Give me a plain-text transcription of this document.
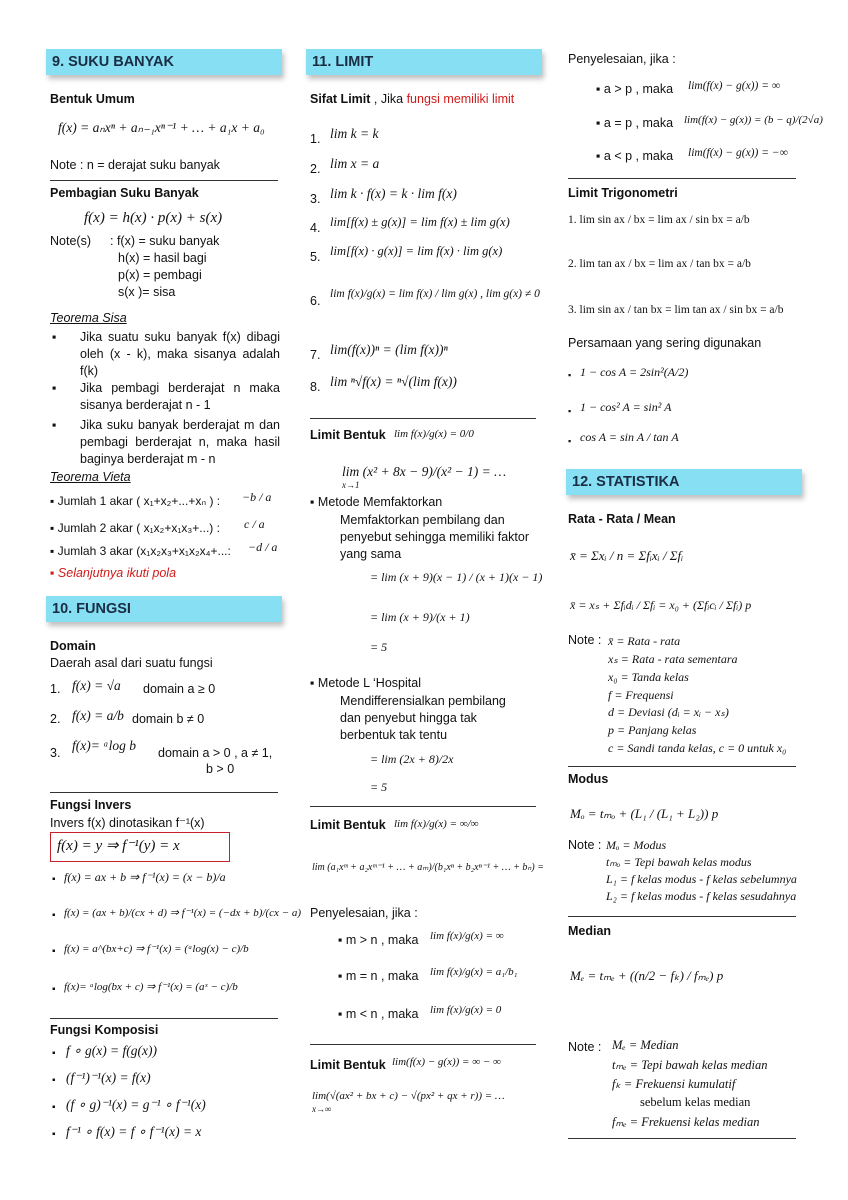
9. SUKU BANYAK
Bentuk Umum
f(x) = aₙxⁿ + aₙ₋₁xⁿ⁻¹ + … + a₁x + a₀
Note : n = derajat suku banyak
Pembagian Suku Banyak
f(x) = h(x) · p(x) + s(x)
Note(s) : f(x) = suku banyak
h(x) = hasil bagi
p(x) = pembagi
s(x )= sisa
Teorema Sisa
▪ Jika suatu suku banyak f(x) dibagi oleh (x - k), maka sisanya adalah f(k)
▪ Jika pembagi berderajat n maka sisanya berderajat n - 1
▪ Jika suku banyak berderajat m dan pembagi berderajat n, maka hasil baginya berderajat m - n
Teorema Vieta
▪ Jumlah 1 akar ( x₁+x₂+...+xₙ ) : −b / a
▪ Jumlah 2 akar ( x₁x₂+x₁x₃+...) : c / a
▪ Jumlah 3 akar (x₁x₂x₃+x₁x₂x₄+...: −d / a
▪ Selanjutnya ikuti pola
10. FUNGSI
Domain
Daerah asal dari suatu fungsi
1. f(x) = √a domain a ≥ 0
2. f(x) = a/b domain b ≠ 0
3. f(x)= ᵃlog b domain a > 0 , a ≠ 1,
b > 0
Fungsi Invers
Invers f(x) dinotasikan f⁻¹(x)
f(x) = y ⇒ f⁻¹(y) = x
▪ f(x) = ax + b ⇒ f⁻¹(x) = (x − b)/a
▪ f(x) = (ax + b)/(cx + d) ⇒ f⁻¹(x) = (−dx + b)/(cx − a)
▪ f(x) = a^(bx+c) ⇒ f⁻¹(x) = (ᵃlog(x) − c)/b
▪ f(x)= ᵃlog(bx + c) ⇒ f⁻¹(x) = (aˣ − c)/b
Fungsi Komposisi
▪ f ∘ g(x) = f(g(x))
▪ (f⁻¹)⁻¹(x) = f(x)
▪ (f ∘ g)⁻¹(x) = g⁻¹ ∘ f⁻¹(x)
▪ f⁻¹ ∘ f(x) = f ∘ f⁻¹(x) = x
11. LIMIT
Sifat Limit , Jika fungsi memiliki limit
1. lim k = k
2. lim x = a
3. lim k · f(x) = k · lim f(x)
4. lim[f(x) ± g(x)] = lim f(x) ± lim g(x)
5. lim[f(x) · g(x)] = lim f(x) · lim g(x)
6. lim f(x)/g(x) = lim f(x) / lim g(x) , lim g(x) ≠ 0
7. lim(f(x))ⁿ = (lim f(x))ⁿ
8. lim ⁿ√f(x) = ⁿ√(lim f(x))
Limit Bentuk lim f(x)/g(x) = 0/0
lim (x² + 8x − 9)/(x² − 1) = …
x→1
▪ Metode Memfaktorkan
Memfaktorkan pembilang dan penyebut sehingga memiliki faktor yang sama
= lim (x + 9)(x − 1) / (x + 1)(x − 1)
= lim (x + 9)/(x + 1)
= 5
▪ Metode L ‘Hospital
Mendifferensialkan pembilang dan penyebut hingga tak berbentuk tak tentu
= lim (2x + 8)/2x
= 5
Limit Bentuk lim f(x)/g(x) = ∞/∞
lim (a₁xᵐ + a₂xᵐ⁻¹ + … + aₘ)/(b₁xⁿ + b₂xⁿ⁻¹ + … + bₙ) =
Penyelesaian, jika :
▪ m > n , maka lim f(x)/g(x) = ∞
▪ m = n , maka lim f(x)/g(x) = a₁/b₁
▪ m < n , maka lim f(x)/g(x) = 0
Limit Bentuk lim(f(x) − g(x)) = ∞ − ∞
lim(√(ax² + bx + c) − √(px² + qx + r)) = …
x→∞
Penyelesaian, jika :
▪ a > p , maka lim(f(x) − g(x)) = ∞
▪ a = p , maka lim(f(x) − g(x)) = (b − q)/(2√a)
▪ a < p , maka lim(f(x) − g(x)) = −∞
Limit Trigonometri
1. lim sin ax / bx = lim ax / sin bx = a/b
2. lim tan ax / bx = lim ax / tan bx = a/b
3. lim sin ax / tan bx = lim tan ax / sin bx = a/b
Persamaan yang sering digunakan
▪ 1 − cos A = 2sin²(A/2)
▪ 1 − cos² A = sin² A
▪ cos A = sin A / tan A
12. STATISTIKA
Rata - Rata / Mean
x̄ = Σxᵢ / n = Σfᵢxᵢ / Σfᵢ
x̄ = xₛ + Σfᵢdᵢ / Σfᵢ = x₀ + (Σfᵢcᵢ / Σfᵢ) p
Note : x̄ = Rata - rata
xₛ = Rata - rata sementara
x₀ = Tanda kelas
f = Frequensi
d = Deviasi (dᵢ = xᵢ − xₛ)
p = Panjang kelas
c = Sandi tanda kelas, c = 0 untuk x₀
Modus
Mₒ = tₘₒ + (L₁ / (L₁ + L₂)) p
Note : Mₒ = Modus
tₘₒ = Tepi bawah kelas modus
L₁ = f kelas modus - f kelas sebelumnya
L₂ = f kelas modus - f kelas sesudahnya
Median
Mₑ = tₘₑ + ((n/2 − fₖ) / fₘₑ) p
Note : Mₑ = Median
tₘₑ = Tepi bawah kelas median
fₖ = Frekuensi kumulatif
sebelum kelas median
fₘₑ = Frekuensi kelas median
